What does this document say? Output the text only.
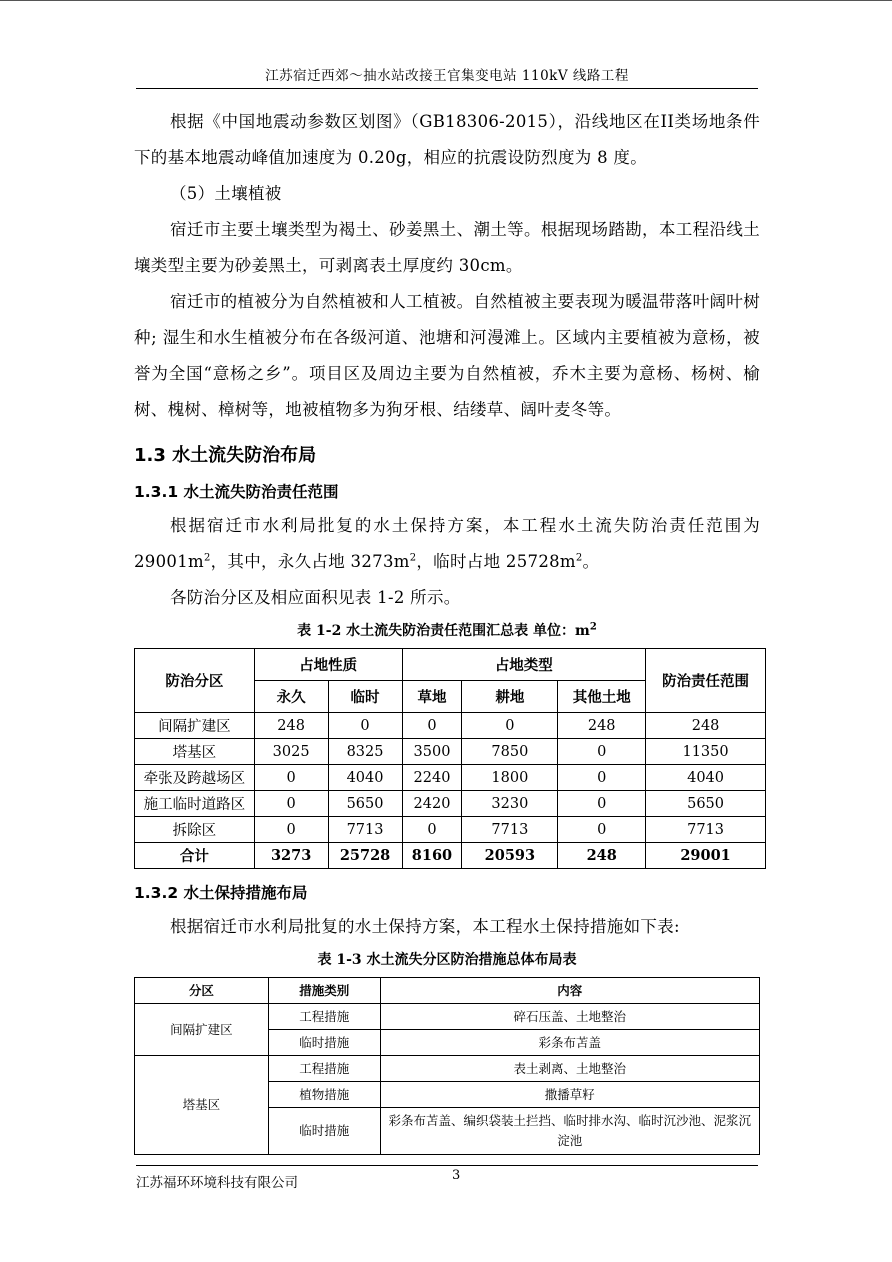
江苏宿迁西郊～抽水站改接王官集变电站 110kV 线路工程

根据《中国地震动参数区划图》（GB18306-2015），沿线地区在II类场地条件下的基本地震动峰值加速度为 0.20g，相应的抗震设防烈度为 8 度。

（5）土壤植被

宿迁市主要土壤类型为褐土、砂姜黑土、潮土等。根据现场踏勘，本工程沿线土壤类型主要为砂姜黑土，可剥离表土厚度约 30cm。

宿迁市的植被分为自然植被和人工植被。自然植被主要表现为暖温带落叶阔叶树种; 湿生和水生植被分布在各级河道、池塘和河漫滩上。区域内主要植被为意杨，被誉为全国“意杨之乡”。项目区及周边主要为自然植被，乔木主要为意杨、杨树、榆树、槐树、樟树等，地被植物多为狗牙根、结缕草、阔叶麦冬等。

1.3 水土流失防治布局
1.3.1 水土流失防治责任范围

根据宿迁市水利局批复的水土保持方案，本工程水土流失防治责任范围为 $29001m^2$，其中，永久占地 $3273m^2$，临时占地 $25728m^2$。

各防治分区及相应面积见表 1-2 所示。

表 1-2 水土流失防治责任范围汇总表 单位：$m^2$
防治分区	占地性质		占地类型			防治责任范围
	永久	临时	草地	耕地	其他土地	
间隔扩建区	248	0	0	0	248	248
塔基区	3025	8325	3500	7850	0	11350
牵张及跨越场区	0	4040	2240	1800	0	4040
施工临时道路区	0	5650	2420	3230	0	5650
拆除区	0	7713	0	7713	0	7713
合计	3273	25728	8160	20593	248	29001
1.3.2 水土保持措施布局

根据宿迁市水利局批复的水土保持方案，本工程水土保持措施如下表:

表 1-3 水土流失分区防治措施总体布局表
分区	措施类别	内容
间隔扩建区	工程措施	碎石压盖、土地整治
	临时措施	彩条布苫盖
塔基区	工程措施	表土剥离、土地整治
	植物措施	撒播草籽
	临时措施	彩条布苫盖、编织袋装土拦挡、临时排水沟、临时沉沙池、泥浆沉淀池
江苏福环环境科技有限公司	3
